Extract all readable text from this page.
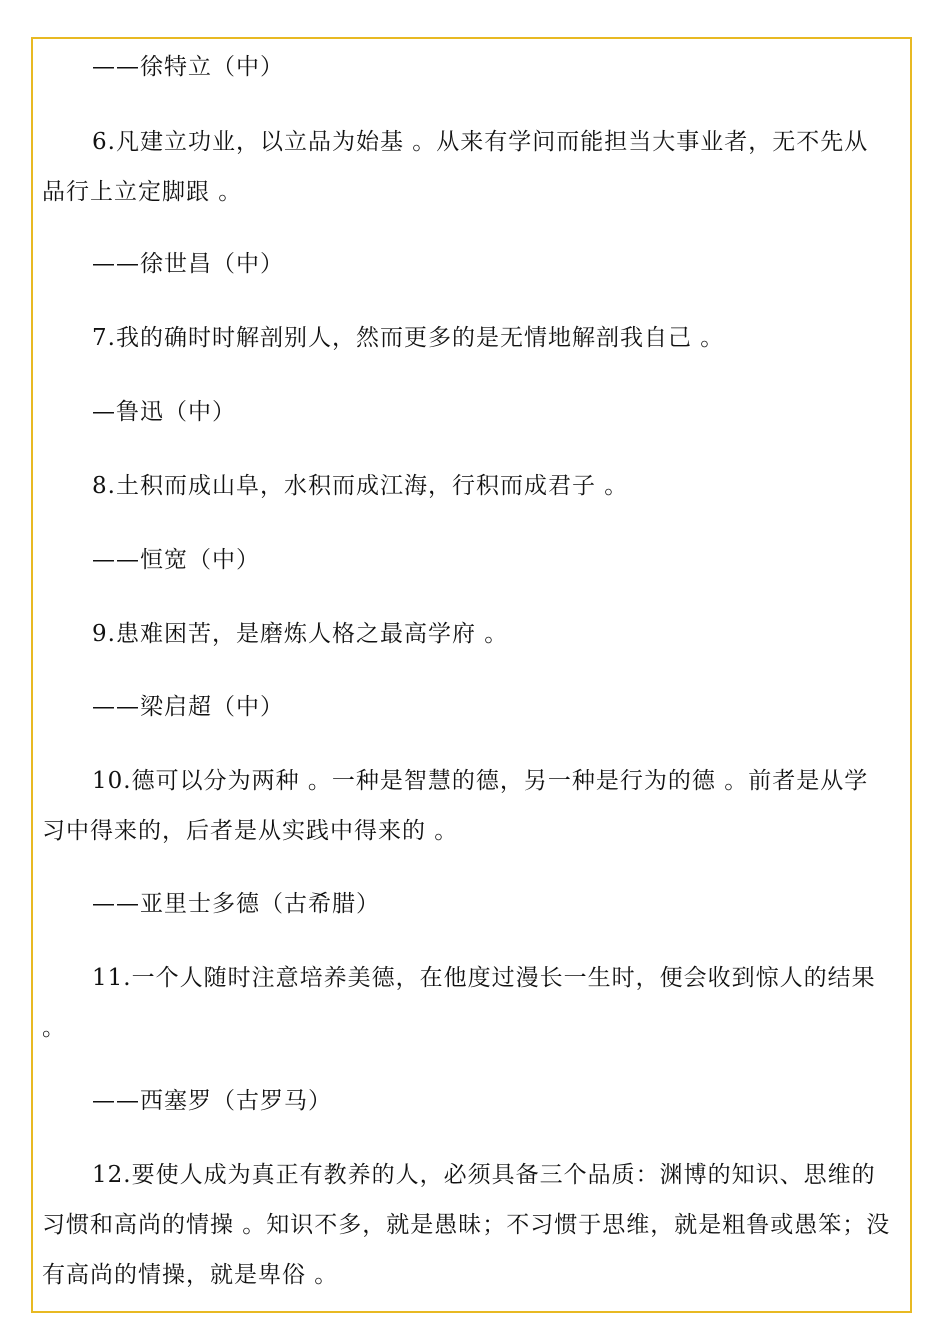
——徐特立（中）
6.凡建立功业，以立品为始基 。从来有学问而能担当大事业者，无不先从
品行上立定脚跟 。
——徐世昌（中）
7.我的确时时解剖别人，然而更多的是无情地解剖我自己 。
—鲁迅（中）
8.土积而成山阜，水积而成江海，行积而成君子 。
——恒宽（中）
9.患难困苦，是磨炼人格之最高学府 。
——梁启超（中）
10.德可以分为两种 。一种是智慧的德，另一种是行为的德 。前者是从学
习中得来的，后者是从实践中得来的 。
——亚里士多德（古希腊）
11.一个人随时注意培养美德，在他度过漫长一生时，便会收到惊人的结果
。
——西塞罗（古罗马）
12.要使人成为真正有教养的人，必须具备三个品质：渊博的知识、思维的
习惯和高尚的情操 。知识不多，就是愚昧；不习惯于思维，就是粗鲁或愚笨；没
有高尚的情操，就是卑俗 。
